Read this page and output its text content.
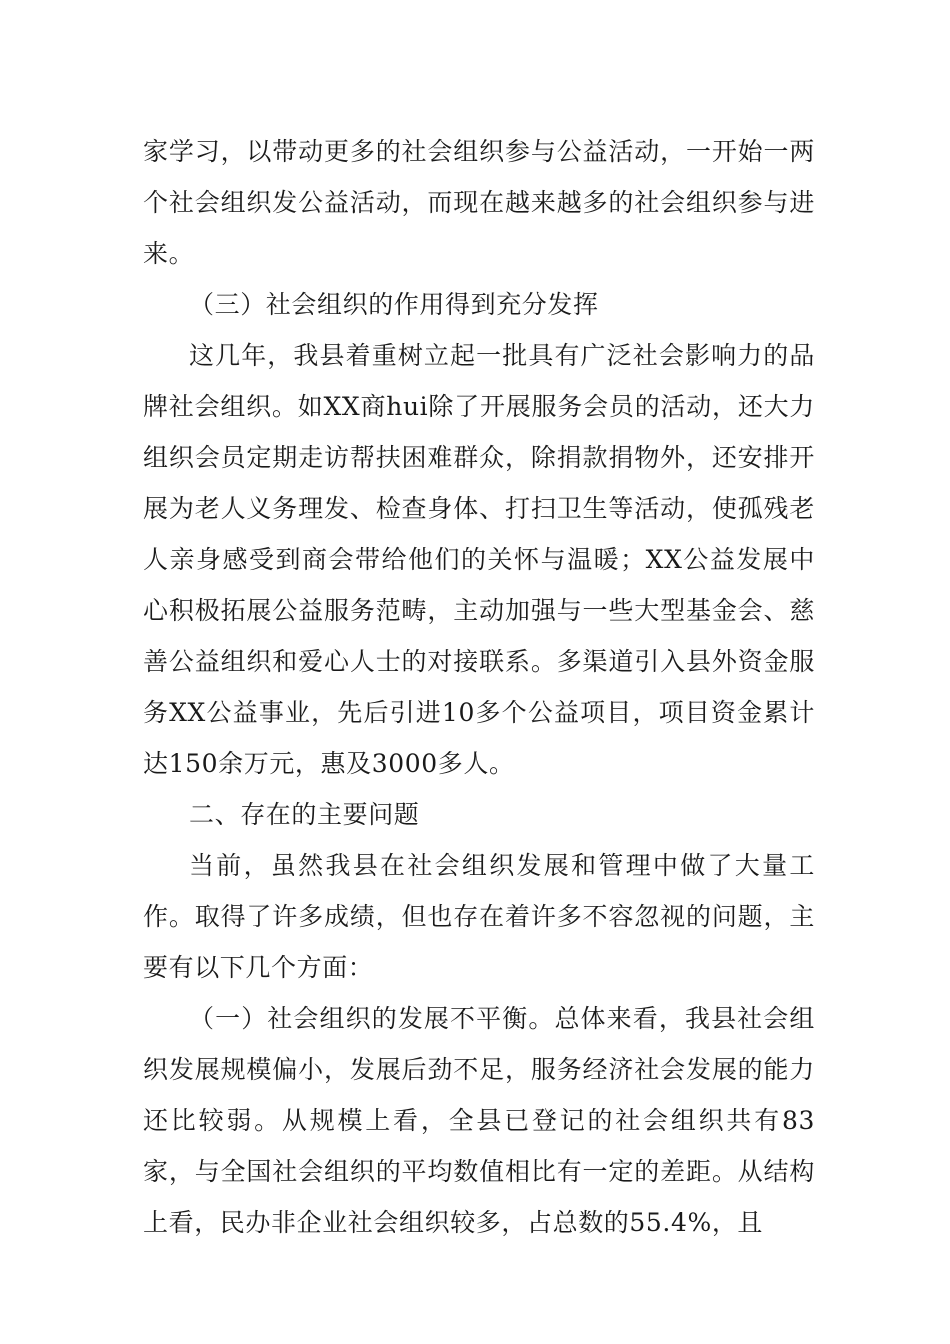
家学习，以带动更多的社会组织参与公益活动，一开始一两个社会组织发公益活动，而现在越来越多的社会组织参与进来。

（三）社会组织的作用得到充分发挥

这几年，我县着重树立起一批具有广泛社会影响力的品牌社会组织。如XX商hui除了开展服务会员的活动，还大力组织会员定期走访帮扶困难群众，除捐款捐物外，还安排开展为老人义务理发、检查身体、打扫卫生等活动，使孤残老人亲身感受到商会带给他们的关怀与温暖；XX公益发展中心积极拓展公益服务范畴，主动加强与一些大型基金会、慈善公益组织和爱心人士的对接联系。多渠道引入县外资金服务XX公益事业，先后引进10多个公益项目，项目资金累计达150余万元，惠及3000多人。

二、存在的主要问题

当前，虽然我县在社会组织发展和管理中做了大量工作。取得了许多成绩，但也存在着许多不容忽视的问题，主要有以下几个方面：

（一）社会组织的发展不平衡。总体来看，我县社会组织发展规模偏小，发展后劲不足，服务经济社会发展的能力还比较弱。从规模上看，全县已登记的社会组织共有83家，与全国社会组织的平均数值相比有一定的差距。从结构上看，民办非企业社会组织较多，占总数的55.4%，且
